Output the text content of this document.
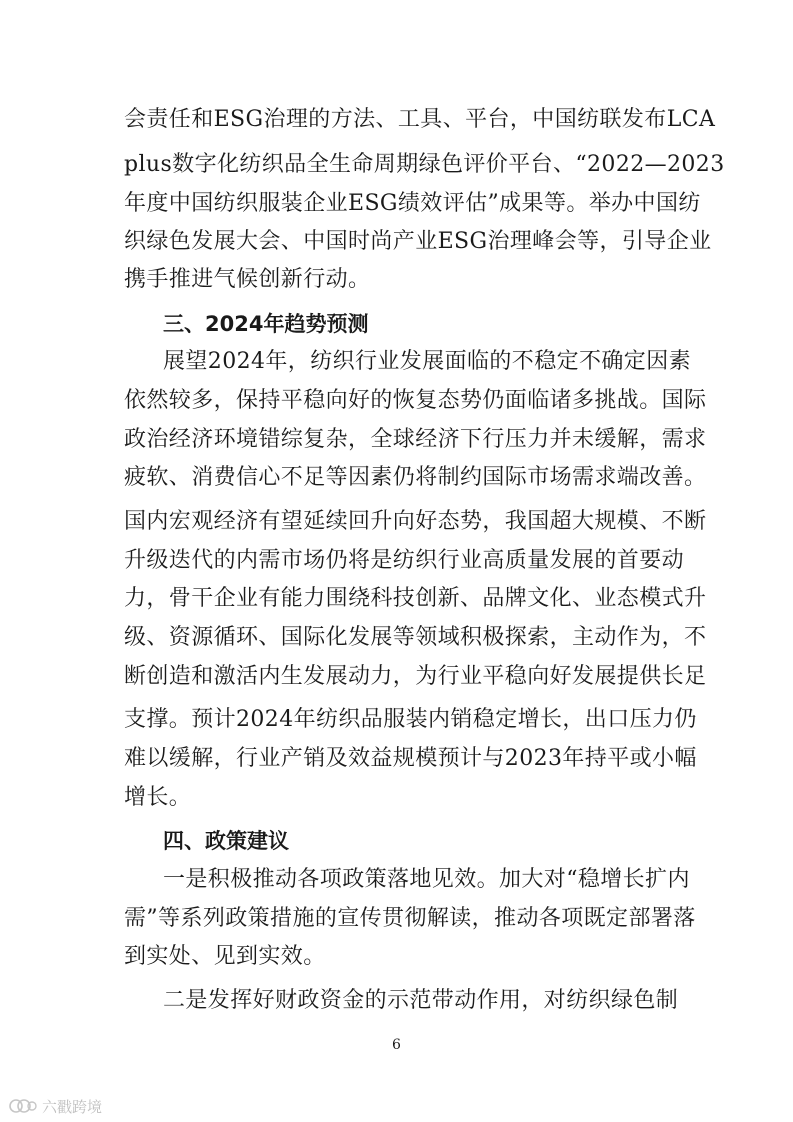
会责任和ESG治理的方法、工具、平台，中国纺联发布LCA
plus数字化纺织品全生命周期绿色评价平台、“2022—2023
年度中国纺织服装企业ESG绩效评估”成果等。举办中国纺
织绿色发展大会、中国时尚产业ESG治理峰会等，引导企业
携手推进气候创新行动。
三、2024年趋势预测
展望2024年，纺织行业发展面临的不稳定不确定因素
依然较多，保持平稳向好的恢复态势仍面临诸多挑战。国际
政治经济环境错综复杂，全球经济下行压力并未缓解，需求
疲软、消费信心不足等因素仍将制约国际市场需求端改善。
国内宏观经济有望延续回升向好态势，我国超大规模、不断
升级迭代的内需市场仍将是纺织行业高质量发展的首要动
力，骨干企业有能力围绕科技创新、品牌文化、业态模式升
级、资源循环、国际化发展等领域积极探索，主动作为，不
断创造和激活内生发展动力，为行业平稳向好发展提供长足
支撑。预计2024年纺织品服装内销稳定增长，出口压力仍
难以缓解，行业产销及效益规模预计与2023年持平或小幅
增长。
四、政策建议
一是积极推动各项政策落地见效。加大对“稳增长扩内
需”等系列政策措施的宣传贯彻解读，推动各项既定部署落
到实处、见到实效。
二是发挥好财政资金的示范带动作用，对纺织绿色制
6
六戳跨境
